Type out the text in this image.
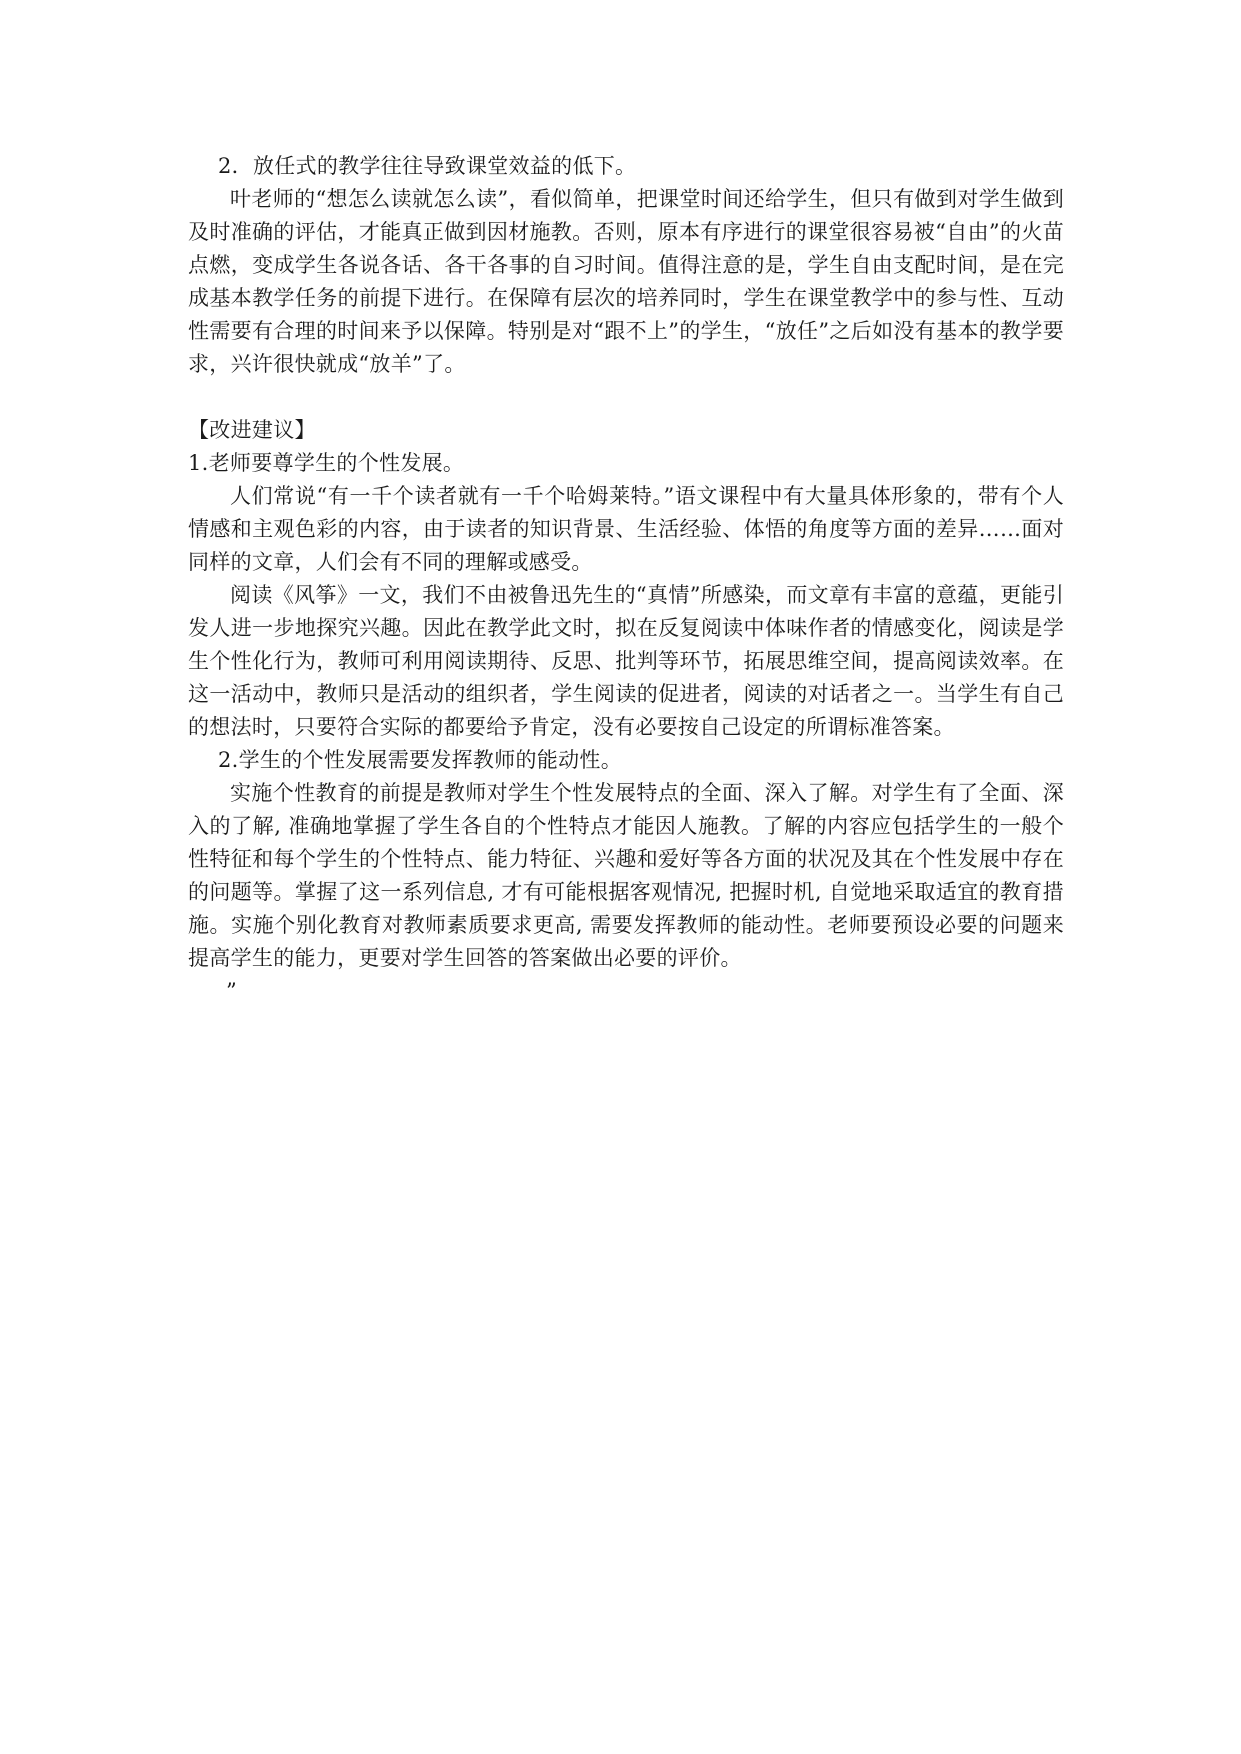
2．放任式的教学往往导致课堂效益的低下。

叶老师的“想怎么读就怎么读”，看似简单，把课堂时间还给学生，但只有做到对学生做到及时准确的评估，才能真正做到因材施教。否则，原本有序进行的课堂很容易被“自由”的火苗点燃，变成学生各说各话、各干各事的自习时间。值得注意的是，学生自由支配时间，是在完成基本教学任务的前提下进行。在保障有层次的培养同时，学生在课堂教学中的参与性、互动性需要有合理的时间来予以保障。特别是对“跟不上”的学生，“放任”之后如没有基本的教学要求，兴许很快就成“放羊”了。

【改进建议】

1.老师要尊学生的个性发展。

人们常说“有一千个读者就有一千个哈姆莱特。”语文课程中有大量具体形象的，带有个人情感和主观色彩的内容，由于读者的知识背景、生活经验、体悟的角度等方面的差异……面对同样的文章，人们会有不同的理解或感受。

阅读《风筝》一文，我们不由被鲁迅先生的“真情”所感染，而文章有丰富的意蕴，更能引发人进一步地探究兴趣。因此在教学此文时，拟在反复阅读中体味作者的情感变化，阅读是学生个性化行为，教师可利用阅读期待、反思、批判等环节，拓展思维空间，提高阅读效率。在这一活动中，教师只是活动的组织者，学生阅读的促进者，阅读的对话者之一。当学生有自己的想法时，只要符合实际的都要给予肯定，没有必要按自己设定的所谓标准答案。

2.学生的个性发展需要发挥教师的能动性。

实施个性教育的前提是教师对学生个性发展特点的全面、深入了解。对学生有了全面、深入的了解, 准确地掌握了学生各自的个性特点才能因人施教。了解的内容应包括学生的一般个性特征和每个学生的个性特点、能力特征、兴趣和爱好等各方面的状况及其在个性发展中存在的问题等。掌握了这一系列信息, 才有可能根据客观情况, 把握时机, 自觉地采取适宜的教育措施。实施个别化教育对教师素质要求更高, 需要发挥教师的能动性。老师要预设必要的问题来提高学生的能力，更要对学生回答的答案做出必要的评价。

”
